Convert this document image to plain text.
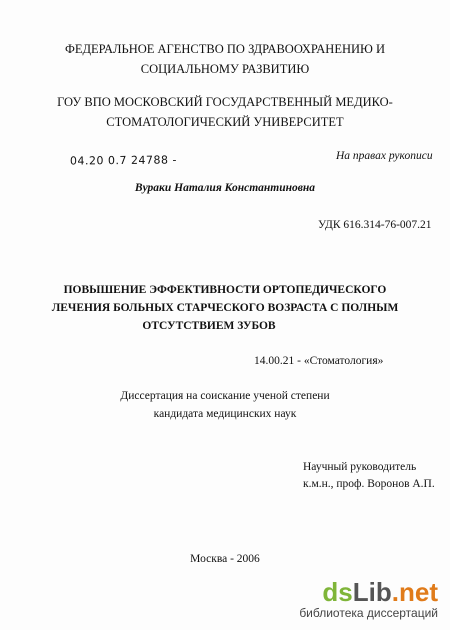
ФЕДЕРАЛЬНОЕ АГЕНСТВО ПО ЗДРАВООХРАНЕНИЮ И
СОЦИАЛЬНОМУ РАЗВИТИЮ
ГОУ ВПО МОСКОВСКИЙ ГОСУДАРСТВЕННЫЙ МЕДИКО-
СТОМАТОЛОГИЧЕСКИЙ УНИВЕРСИТЕТ
04.20 0.7 24788 -	На правах рукописи
Вураки Наталия Константиновна
УДК 616.314-76-007.21
ПОВЫШЕНИЕ ЭФФЕКТИВНОСТИ ОРТОПЕДИЧЕСКОГО
ЛЕЧЕНИЯ БОЛЬНЫХ СТАРЧЕСКОГО ВОЗРАСТА С ПОЛНЫМ
ОТСУТСТВИЕМ ЗУБОВ
14.00.21 - «Стоматология»
Диссертация на соискание ученой степени
кандидата медицинских наук
Научный руководитель
к.м.н., проф. Воронов А.П.
Москва - 2006
dsLib.net
библиотека диссертаций
